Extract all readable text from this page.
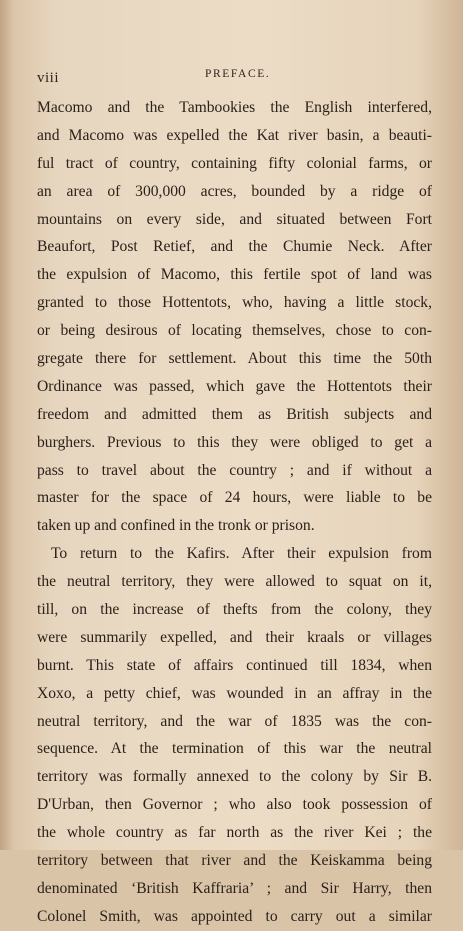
viii	PREFACE.
Macomo and the Tambookies the English interfered,
and Macomo was expelled the Kat river basin, a beauti-
ful tract of country, containing fifty colonial farms, or
an area of 300,000 acres, bounded by a ridge of
mountains on every side, and situated between Fort
Beaufort, Post Retief, and the Chumie Neck. After
the expulsion of Macomo, this fertile spot of land was
granted to those Hottentots, who, having a little stock,
or being desirous of locating themselves, chose to con-
gregate there for settlement. About this time the 50th
Ordinance was passed, which gave the Hottentots their
freedom and admitted them as British subjects and
burghers. Previous to this they were obliged to get a
pass to travel about the country ; and if without a
master for the space of 24 hours, were liable to be
taken up and confined in the tronk or prison.
To return to the Kafirs. After their expulsion from
the neutral territory, they were allowed to squat on it,
till, on the increase of thefts from the colony, they
were summarily expelled, and their kraals or villages
burnt. This state of affairs continued till 1834, when
Xoxo, a petty chief, was wounded in an affray in the
neutral territory, and the war of 1835 was the con-
sequence. At the termination of this war the neutral
territory was formally annexed to the colony by Sir B.
D'Urban, then Governor ; who also took possession of
the whole country as far north as the river Kei ; the
territory between that river and the Keiskamma being
denominated ‘British Kaffraria’ ; and Sir Harry, then
Colonel Smith, was appointed to carry out a similar
